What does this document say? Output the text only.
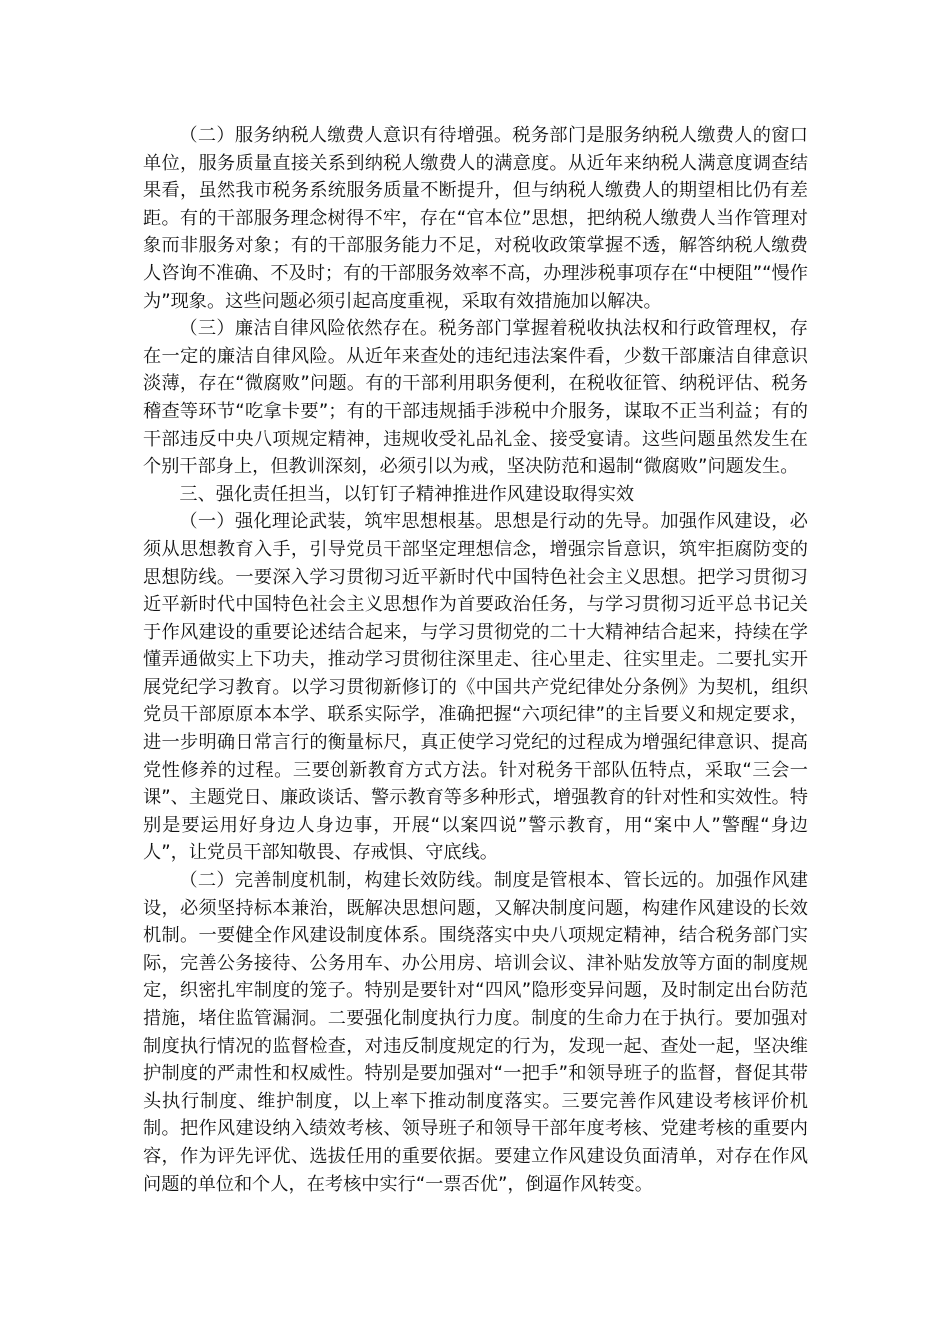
（二）服务纳税人缴费人意识有待增强。税务部门是服务纳税人缴费人的窗口单位，服务质量直接关系到纳税人缴费人的满意度。从近年来纳税人满意度调查结果看，虽然我市税务系统服务质量不断提升，但与纳税人缴费人的期望相比仍有差距。有的干部服务理念树得不牢，存在“官本位”思想，把纳税人缴费人当作管理对象而非服务对象；有的干部服务能力不足，对税收政策掌握不透，解答纳税人缴费人咨询不准确、不及时；有的干部服务效率不高，办理涉税事项存在“中梗阻”“慢作为”现象。这些问题必须引起高度重视，采取有效措施加以解决。

（三）廉洁自律风险依然存在。税务部门掌握着税收执法权和行政管理权，存在一定的廉洁自律风险。从近年来查处的违纪违法案件看，少数干部廉洁自律意识淡薄，存在“微腐败”问题。有的干部利用职务便利，在税收征管、纳税评估、税务稽查等环节“吃拿卡要”；有的干部违规插手涉税中介服务，谋取不正当利益；有的干部违反中央八项规定精神，违规收受礼品礼金、接受宴请。这些问题虽然发生在个别干部身上，但教训深刻，必须引以为戒，坚决防范和遏制“微腐败”问题发生。

三、强化责任担当，以钉钉子精神推进作风建设取得实效

（一）强化理论武装，筑牢思想根基。思想是行动的先导。加强作风建设，必须从思想教育入手，引导党员干部坚定理想信念，增强宗旨意识，筑牢拒腐防变的思想防线。一要深入学习贯彻习近平新时代中国特色社会主义思想。把学习贯彻习近平新时代中国特色社会主义思想作为首要政治任务，与学习贯彻习近平总书记关于作风建设的重要论述结合起来，与学习贯彻党的二十大精神结合起来，持续在学懂弄通做实上下功夫，推动学习贯彻往深里走、往心里走、往实里走。二要扎实开展党纪学习教育。以学习贯彻新修订的《中国共产党纪律处分条例》为契机，组织党员干部原原本本学、联系实际学，准确把握“六项纪律”的主旨要义和规定要求，进一步明确日常言行的衡量标尺，真正使学习党纪的过程成为增强纪律意识、提高党性修养的过程。三要创新教育方式方法。针对税务干部队伍特点，采取“三会一课”、主题党日、廉政谈话、警示教育等多种形式，增强教育的针对性和实效性。特别是要运用好身边人身边事，开展“以案四说”警示教育，用“案中人”警醒“身边人”，让党员干部知敬畏、存戒惧、守底线。

（二）完善制度机制，构建长效防线。制度是管根本、管长远的。加强作风建设，必须坚持标本兼治，既解决思想问题，又解决制度问题，构建作风建设的长效机制。一要健全作风建设制度体系。围绕落实中央八项规定精神，结合税务部门实际，完善公务接待、公务用车、办公用房、培训会议、津补贴发放等方面的制度规定，织密扎牢制度的笼子。特别是要针对“四风”隐形变异问题，及时制定出台防范措施，堵住监管漏洞。二要强化制度执行力度。制度的生命力在于执行。要加强对制度执行情况的监督检查，对违反制度规定的行为，发现一起、查处一起，坚决维护制度的严肃性和权威性。特别是要加强对“一把手”和领导班子的监督，督促其带头执行制度、维护制度，以上率下推动制度落实。三要完善作风建设考核评价机制。把作风建设纳入绩效考核、领导班子和领导干部年度考核、党建考核的重要内容，作为评先评优、选拔任用的重要依据。要建立作风建设负面清单，对存在作风问题的单位和个人，在考核中实行“一票否优”，倒逼作风转变。
